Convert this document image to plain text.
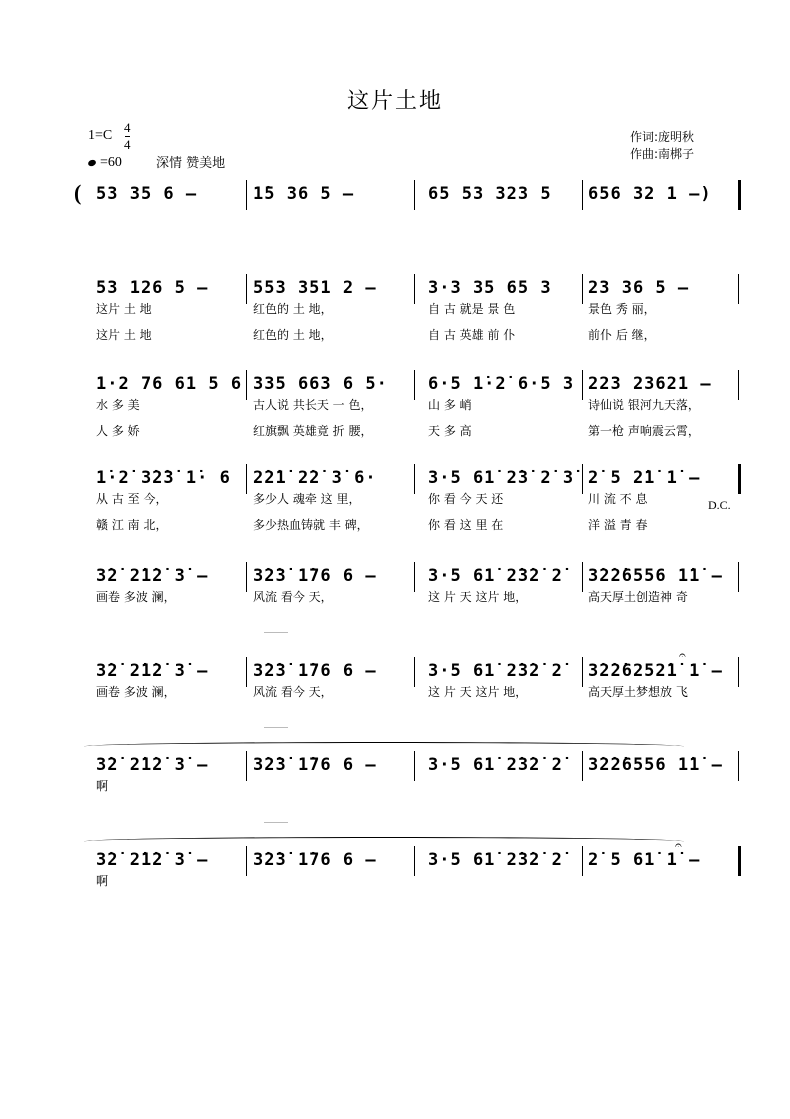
这片土地
1=C
4
4
=60	深情 赞美地
作词:庞明秋
作曲:南梆子
( 53 35 6 –	1̇5 36 5 –	65 53 323 5 656 32 1 –)
53 126 5 –	553 351 2 –	3·3 35 65 3 23 36 5 –
这片 土 地	红色的 土 地，	自 古 就是 景 色	景色 秀 丽，
这片 土 地	红色的 土 地，	自 古 英雄 前 仆	前仆 后 继，
1·2 76 61 5 6 335 663 6 5· 6·5 1̇·2̇ 6·5 3 223 23621 –
水 多 美	古人说 共长天 一 色，	山 多 峭	诗仙说 银河九天落，
人 多 娇	红旗飘 英雄竟 折 腰，	天 多 高	第一枪 声响震云霄，
1̇·2̇ 3̇2̇3̇ 1̇· 6 2̇2̇1̇ 2̇2̇ 3̇ 6·	3·5 61̇ 2̇3̇ 2̇ 3̇ 2̇ 5 2̇1̇ 1̇ –
从 古 至 今，	多少人 魂牵 这 里，	你 看 今 天 还	川 流 不 息
赣 江 南 北，	多少热血铸就 丰 碑，	你 看 这 里 在	洋 溢 青 春
3̇2̇ 2̇1̇2̇ 3̇ –	3̇2̇3̇ 1̇76 6 –	3·5 61̇ 2̇3̇2̇ 2̇ 3̇2̇2̇6556 1̇1̇ –
画卷 多波 澜，	风流 看今 天，	这 片 天 这片 地，	高天厚土创造神 奇
3̇2̇ 2̇1̇2̇ 3̇ –	3̇2̇3̇ 1̇76 6 –	3·5 61̇ 2̇3̇2̇ 2̇ 3̇2̇2̇6252̇1̇ 1̇ –
画卷 多波 澜，	风流 看今 天，	这 片 天 这片 地，	高天厚土梦想放 飞
3̇2̇ 2̇1̇2̇ 3̇ –	3̇2̇3̇ 1̇76 6 –	3·5 61̇ 2̇3̇2̇ 2̇ 3̇2̇2̇6556 1̇1̇ –
啊
3̇2̇ 2̇1̇2̇ 3̇ –	3̇2̇3̇ 1̇76 6 –	3·5 61̇ 2̇3̇2̇ 2̇ 2̇ 5 61̇ 1̇ –
啊
𝄐
𝄐
D.C.
